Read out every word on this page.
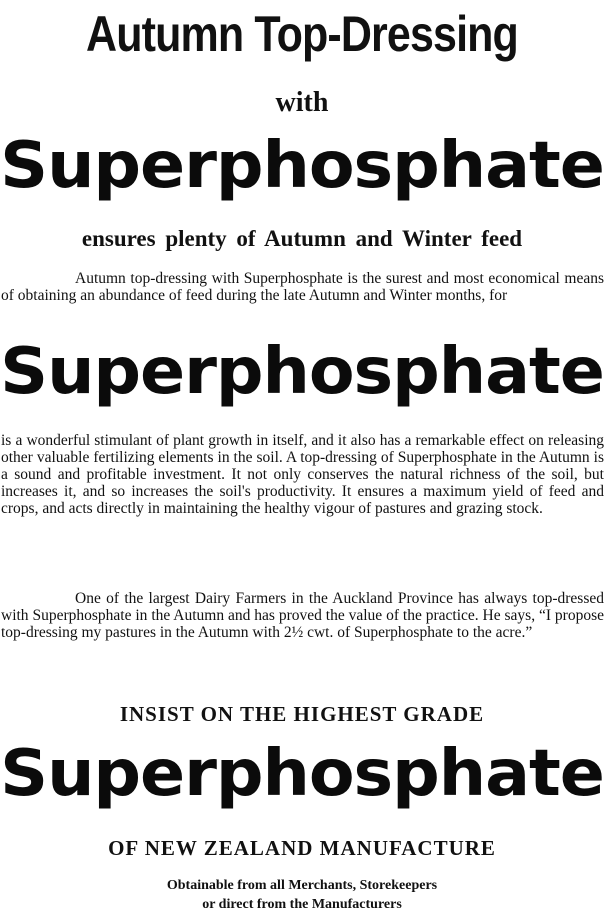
Autumn Top-Dressing
with
Superphosphate
ensures plenty of Autumn and Winter feed

Autumn top-dressing with Superphosphate is the surest and most economical means of obtaining an abundance of feed during the late Autumn and Winter months, for

Superphosphate

is a wonderful stimulant of plant growth in itself, and it also has a remarkable effect on releasing other valuable fertilizing elements in the soil. A top-dressing of Superphosphate in the Autumn is a sound and profitable investment. It not only conserves the natural richness of the soil, but increases it, and so increases the soil's productivity. It ensures a maximum yield of feed and crops, and acts directly in maintaining the healthy vigour of pastures and grazing stock.

One of the largest Dairy Farmers in the Auckland Province has always top-dressed with Superphosphate in the Autumn and has proved the value of the practice. He says, “I propose top-dressing my pastures in the Autumn with 2½ cwt. of Superphosphate to the acre.”

INSIST ON THE HIGHEST GRADE
Superphosphate
OF NEW ZEALAND MANUFACTURE
Obtainable from all Merchants, Storekeepers
or direct from the Manufacturers
